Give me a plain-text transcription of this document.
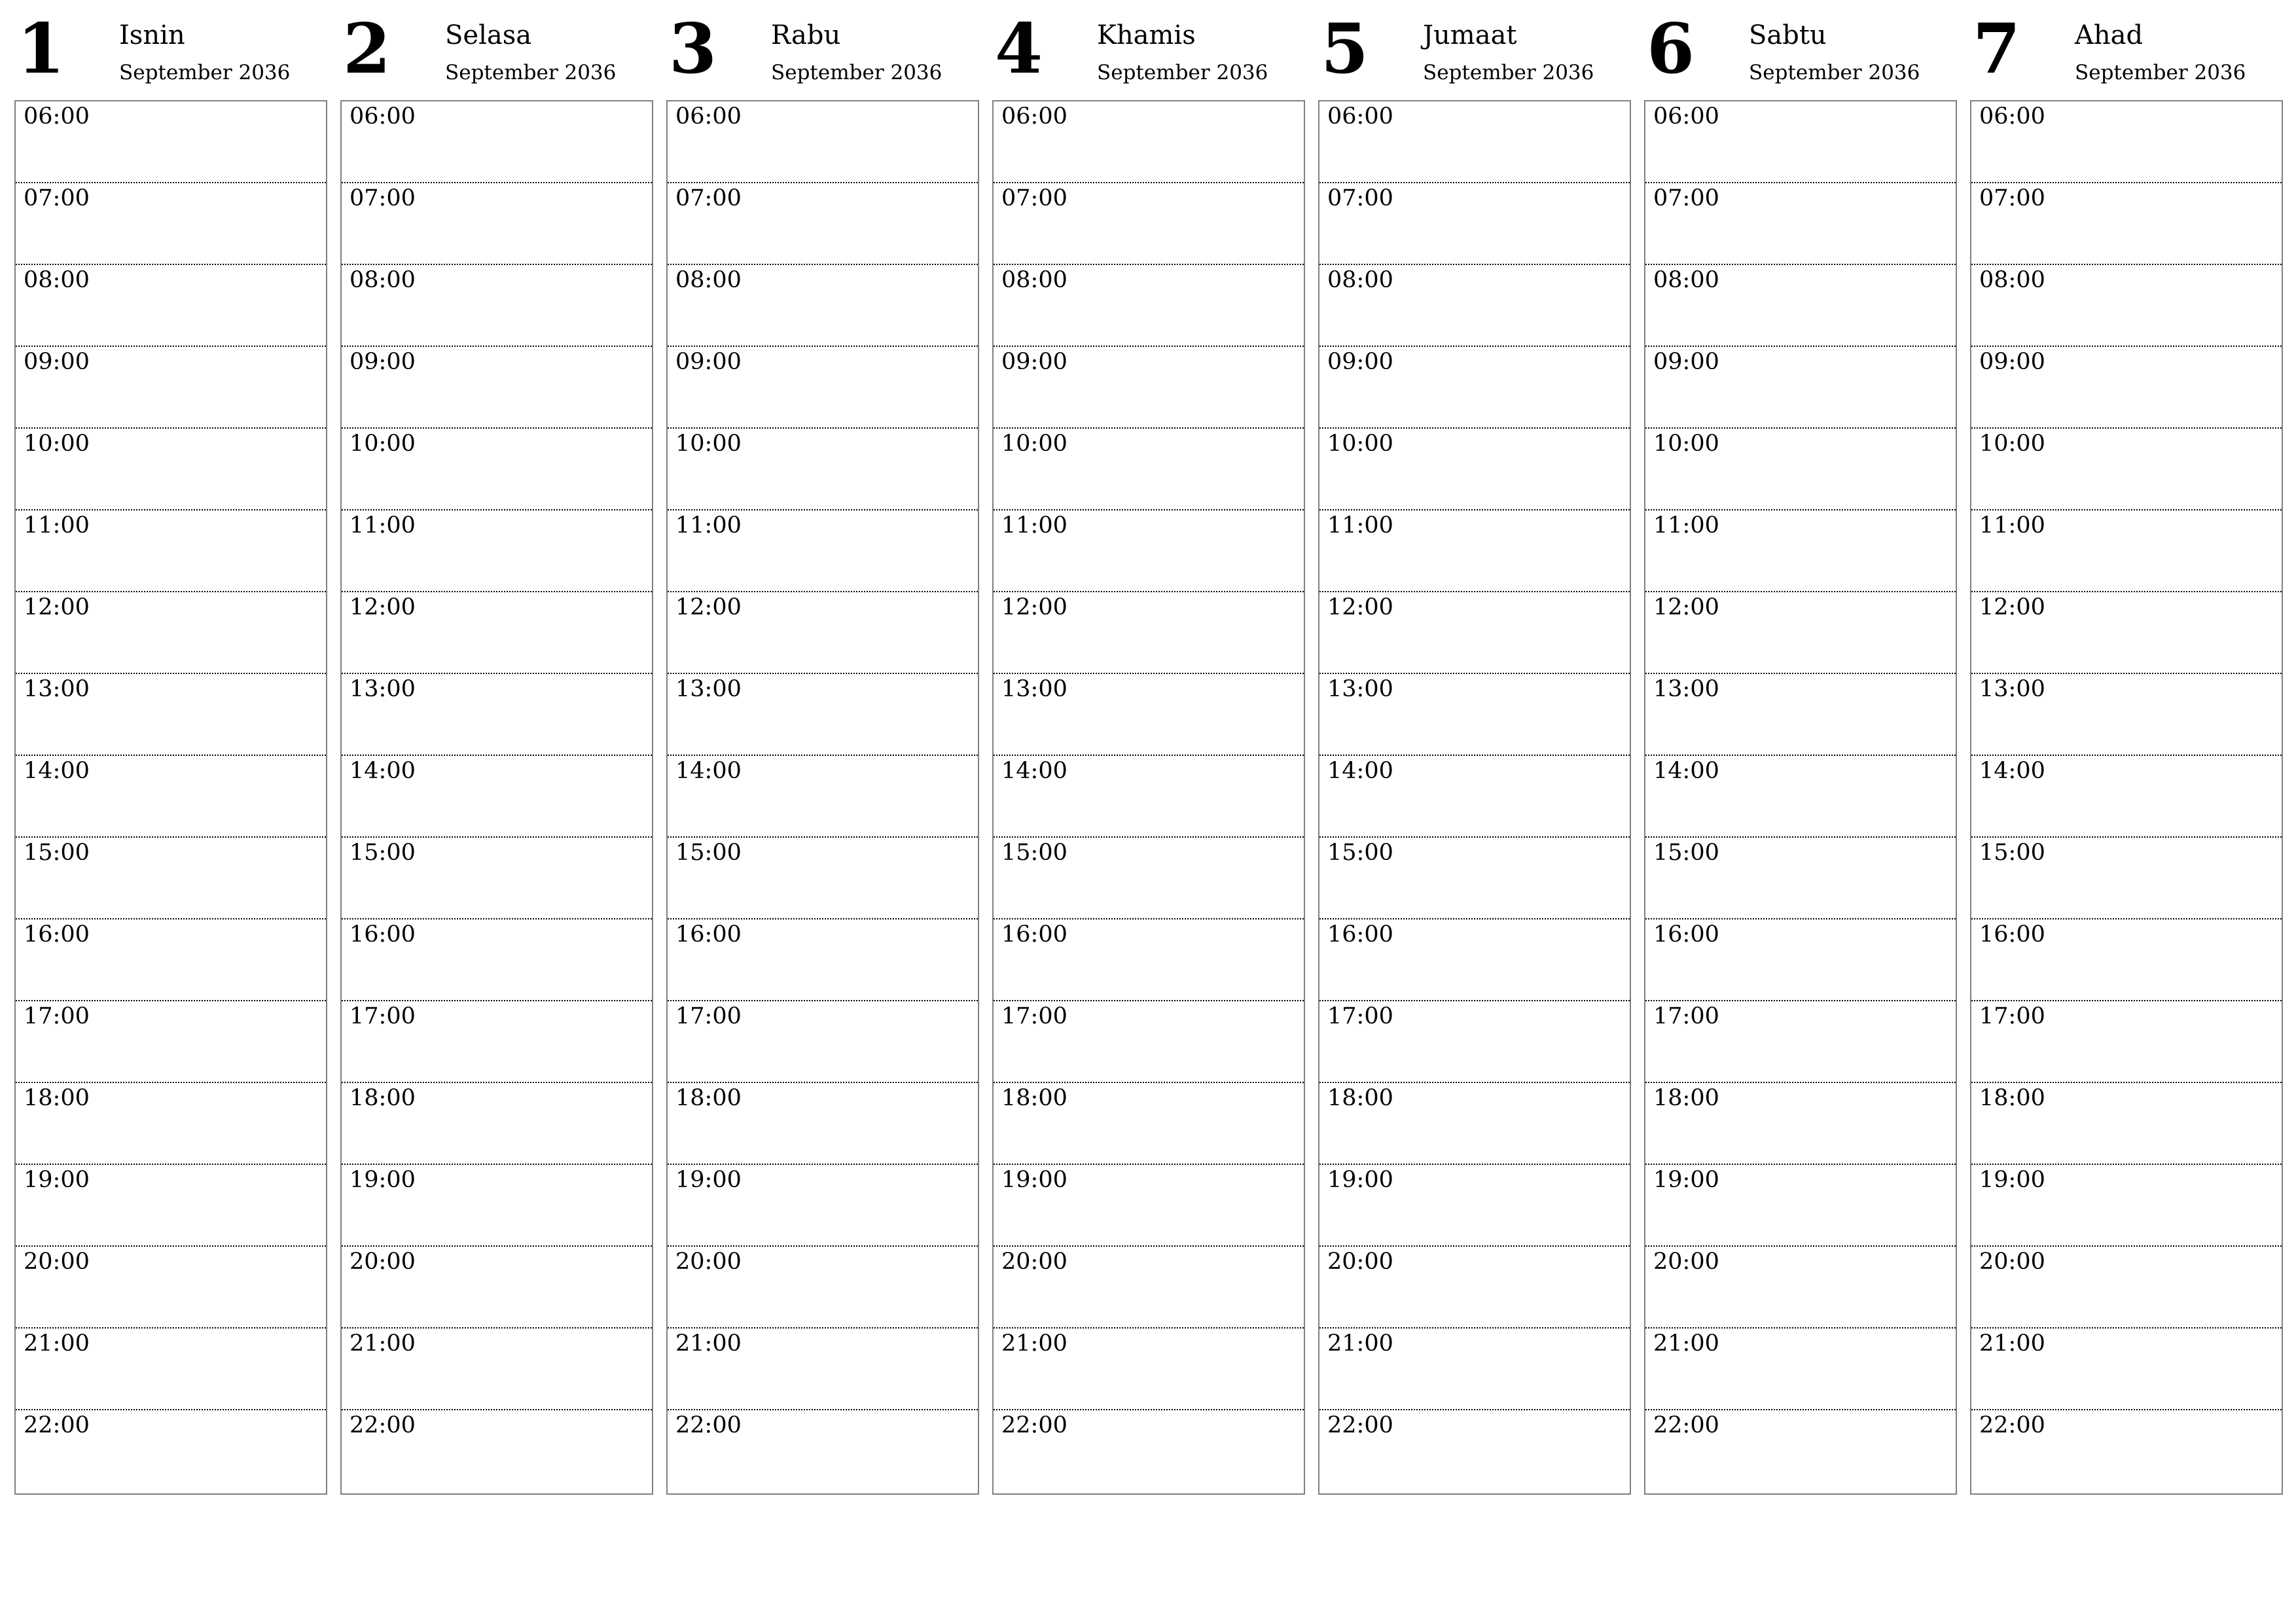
1 Isnin
September 2036
06:00
07:00
08:00
09:00
10:00
11:00
12:00
13:00
14:00
15:00
16:00
17:00
18:00
19:00
20:00
21:00
22:00
2 Selasa
September 2036
06:00
07:00
08:00
09:00
10:00
11:00
12:00
13:00
14:00
15:00
16:00
17:00
18:00
19:00
20:00
21:00
22:00
3 Rabu
September 2036
06:00
07:00
08:00
09:00
10:00
11:00
12:00
13:00
14:00
15:00
16:00
17:00
18:00
19:00
20:00
21:00
22:00
4 Khamis
September 2036
06:00
07:00
08:00
09:00
10:00
11:00
12:00
13:00
14:00
15:00
16:00
17:00
18:00
19:00
20:00
21:00
22:00
5 Jumaat
September 2036
06:00
07:00
08:00
09:00
10:00
11:00
12:00
13:00
14:00
15:00
16:00
17:00
18:00
19:00
20:00
21:00
22:00
6 Sabtu
September 2036
06:00
07:00
08:00
09:00
10:00
11:00
12:00
13:00
14:00
15:00
16:00
17:00
18:00
19:00
20:00
21:00
22:00
7 Ahad
September 2036
06:00
07:00
08:00
09:00
10:00
11:00
12:00
13:00
14:00
15:00
16:00
17:00
18:00
19:00
20:00
21:00
22:00
